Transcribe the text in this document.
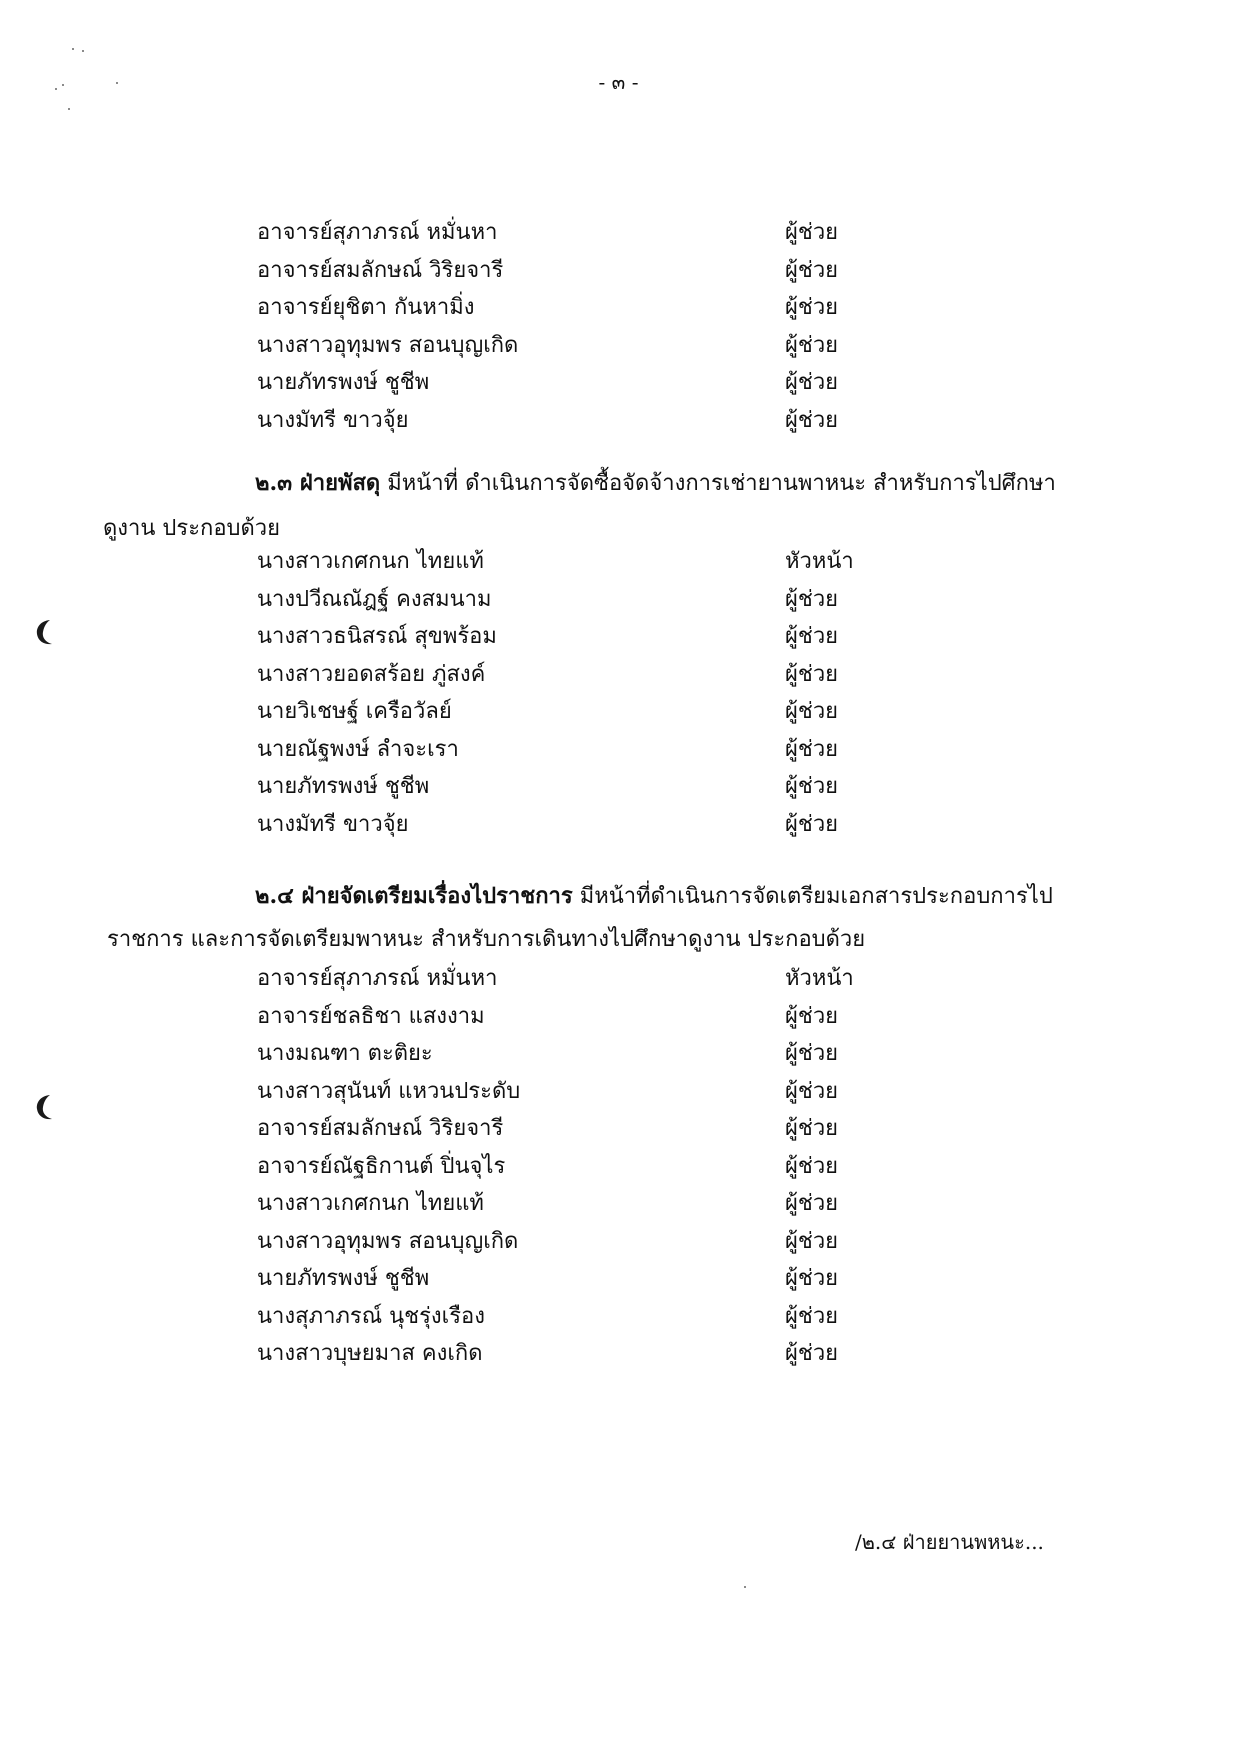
- ๓ -
อาจารย์สุภาภรณ์ หมั่นหา	ผู้ช่วย
อาจารย์สมลักษณ์ วิริยจารี	ผู้ช่วย
อาจารย์ยุชิตา กันหามิ่ง	ผู้ช่วย
นางสาวอุทุมพร สอนบุญเกิด	ผู้ช่วย
นายภัทรพงษ์ ชูชีพ	ผู้ช่วย
นางมัทรี ขาวจุ้ย	ผู้ช่วย
๒.๓ ฝ่ายพัสดุ มีหน้าที่ ดำเนินการจัดซื้อจัดจ้างการเช่ายานพาหนะ สำหรับการไปศึกษา
ดูงาน ประกอบด้วย
นางสาวเกศกนก ไทยแท้	หัวหน้า
นางปวีณณัฎฐ์ คงสมนาม	ผู้ช่วย
นางสาวธนิสรณ์ สุขพร้อม	ผู้ช่วย
นางสาวยอดสร้อย ภู่สงค์	ผู้ช่วย
นายวิเชษฐ์ เครือวัลย์	ผู้ช่วย
นายณัฐพงษ์ ลำจะเรา	ผู้ช่วย
นายภัทรพงษ์ ชูชีพ	ผู้ช่วย
นางมัทรี ขาวจุ้ย	ผู้ช่วย
๒.๔ ฝ่ายจัดเตรียมเรื่องไปราชการ มีหน้าที่ดำเนินการจัดเตรียมเอกสารประกอบการไป
ราชการ และการจัดเตรียมพาหนะ สำหรับการเดินทางไปศึกษาดูงาน ประกอบด้วย
อาจารย์สุภาภรณ์ หมั่นหา	หัวหน้า
อาจารย์ชลธิชา แสงงาม	ผู้ช่วย
นางมณฑา ตะติยะ	ผู้ช่วย
นางสาวสุนันท์ แหวนประดับ	ผู้ช่วย
อาจารย์สมลักษณ์ วิริยจารี	ผู้ช่วย
อาจารย์ณัฐธิกานต์ ปิ่นจุไร	ผู้ช่วย
นางสาวเกศกนก ไทยแท้	ผู้ช่วย
นางสาวอุทุมพร สอนบุญเกิด	ผู้ช่วย
นายภัทรพงษ์ ชูชีพ	ผู้ช่วย
นางสุภาภรณ์ นุชรุ่งเรือง	ผู้ช่วย
นางสาวบุษยมาส คงเกิด	ผู้ช่วย
/๒.๔ ฝ่ายยานพหนะ...
